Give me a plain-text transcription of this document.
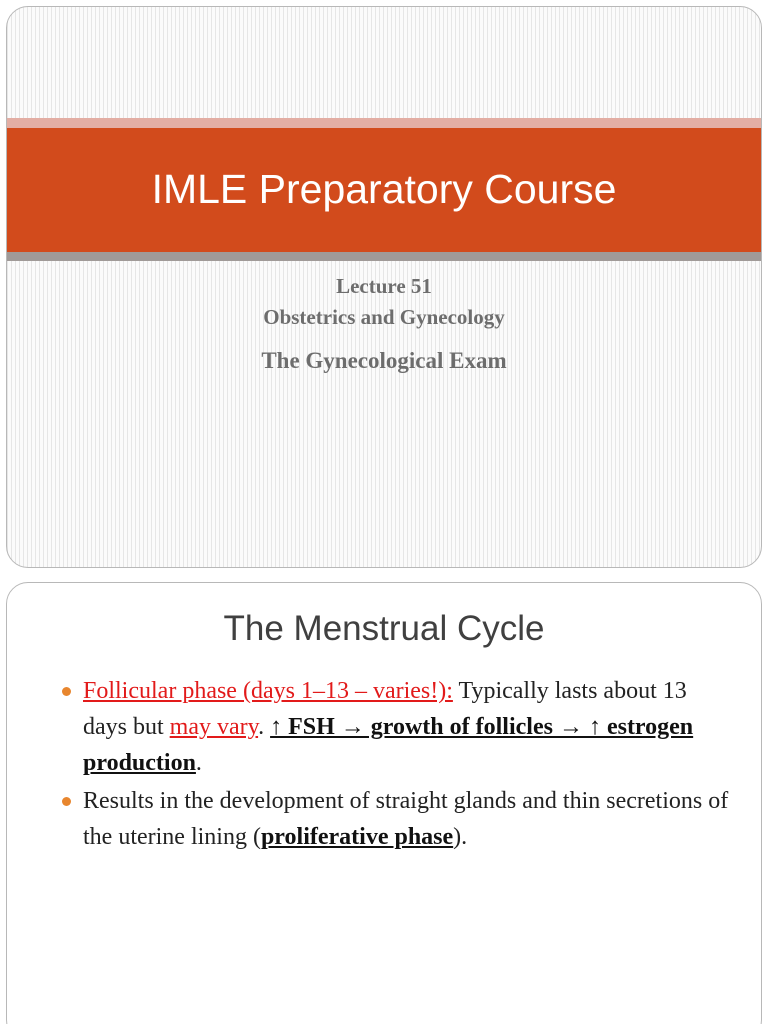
IMLE Preparatory Course
Lecture 51
Obstetrics and Gynecology
The Gynecological Exam
The Menstrual Cycle
Follicular phase (days 1–13 – varies!): Typically lasts about 13 days but may vary. ↑ FSH → growth of follicles → ↑ estrogen production.
Results in the development of straight glands and thin secretions of the uterine lining (proliferative phase).
